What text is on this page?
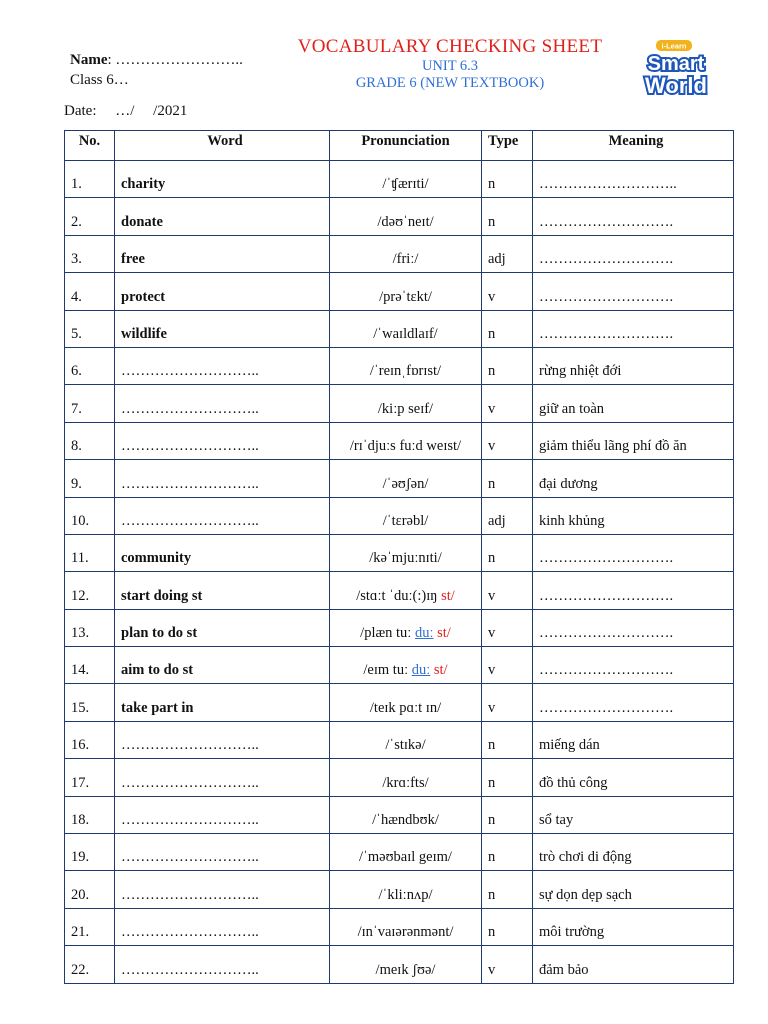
Name: ……………………..
Class 6…
VOCABULARY CHECKING SHEET
UNIT 6.3
GRADE 6 (NEW TEXTBOOK)
i-Learn
Smart
World
Date:     …/     /2021
No.	Word	Pronunciation	Type	Meaning
1.	charity	/ˈʧærɪti/	n	………………………..
2.	donate	/dəʊˈneɪt/	n	……………………….
3.	free	/friː/	adj	……………………….
4.	protect	/prəˈtɛkt/	v	……………………….
5.	wildlife	/ˈwaɪldlaɪf/	n	……………………….
6.	………………………..	/ˈreɪnˌfɒrɪst/	n	rừng nhiệt đới
7.	………………………..	/kiːp seɪf/	v	giữ an toàn
8.	………………………..	/rɪˈdjuːs fuːd weɪst/	v	giảm thiểu lãng phí đồ ăn
9.	………………………..	/ˈəʊʃən/	n	đại dương
10.	………………………..	/ˈtɛrəbl/	adj	kinh khủng
11.	community	/kəˈmjuːnɪti/	n	……………………….
12.	start doing st	/stɑːt ˈduː(:)ɪŋ st/	v	……………………….
13.	plan to do st	/plæn tuː duː st/	v	……………………….
14.	aim to do st	/eɪm tuː duː st/	v	……………………….
15.	take part in	/teɪk pɑːt ɪn/	v	……………………….
16.	………………………..	/ˈstɪkə/	n	miếng dán
17.	………………………..	/krɑːfts/	n	đồ thủ công
18.	………………………..	/ˈhændbʊk/	n	sổ tay
19.	………………………..	/ˈməʊbaɪl geɪm/	n	trò chơi di động
20.	………………………..	/ˈkliːnʌp/	n	sự dọn dẹp sạch
21.	………………………..	/ɪnˈvaɪərənmənt/	n	môi trường
22.	………………………..	/meɪk ʃʊə/	v	đảm bảo
